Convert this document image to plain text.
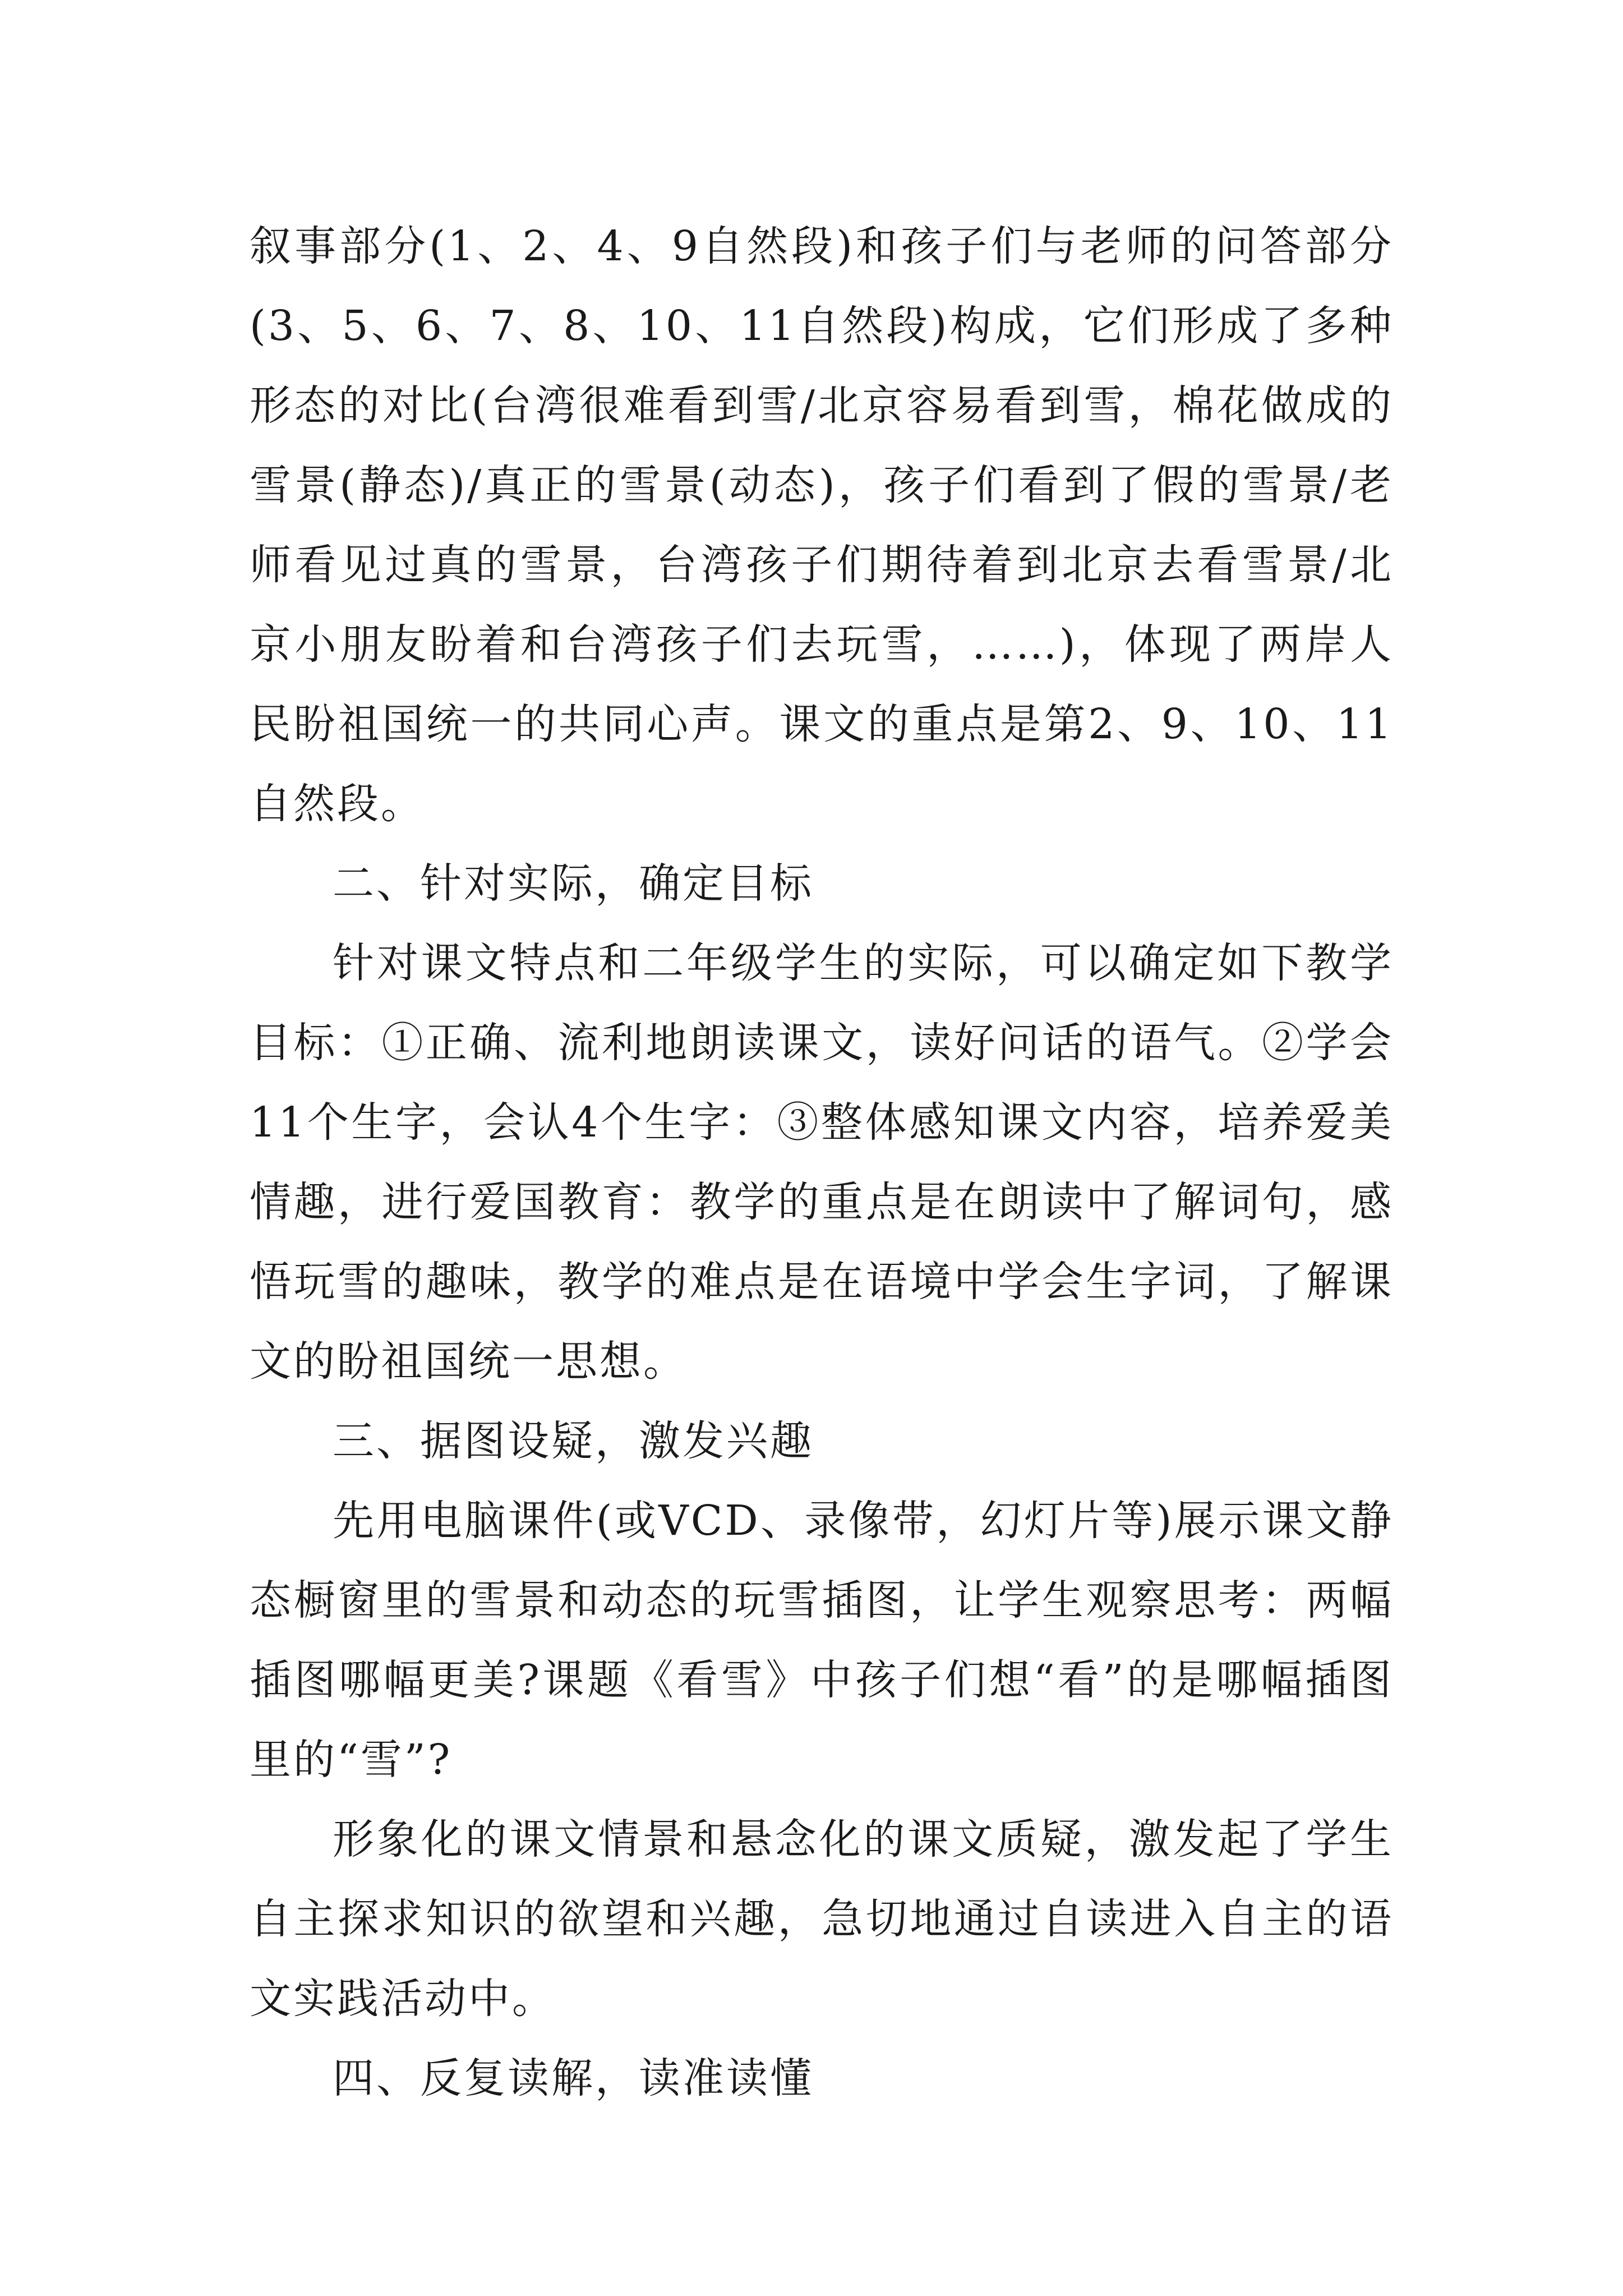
叙事部分(1、2、4、9自然段)和孩子们与老师的问答部分(3、5、6、7、8、10、11自然段)构成，它们形成了多种形态的对比(台湾很难看到雪/北京容易看到雪，棉花做成的雪景(静态)/真正的雪景(动态)，孩子们看到了假的雪景/老师看见过真的雪景，台湾孩子们期待着到北京去看雪景/北京小朋友盼着和台湾孩子们去玩雪，……)，体现了两岸人民盼祖国统一的共同心声。课文的重点是第2、9、10、11自然段。

二、针对实际，确定目标

针对课文特点和二年级学生的实际，可以确定如下教学目标：①正确、流利地朗读课文，读好问话的语气。②学会11个生字，会认4个生字：③整体感知课文内容，培养爱美情趣，进行爱国教育：教学的重点是在朗读中了解词句，感悟玩雪的趣味，教学的难点是在语境中学会生字词，了解课文的盼祖国统一思想。

三、据图设疑，激发兴趣

先用电脑课件(或VCD、录像带，幻灯片等)展示课文静态橱窗里的雪景和动态的玩雪插图，让学生观察思考：两幅插图哪幅更美?课题《看雪》中孩子们想“看”的是哪幅插图里的“雪”?

形象化的课文情景和悬念化的课文质疑，激发起了学生自主探求知识的欲望和兴趣，急切地通过自读进入自主的语文实践活动中。

四、反复读解，读准读懂
